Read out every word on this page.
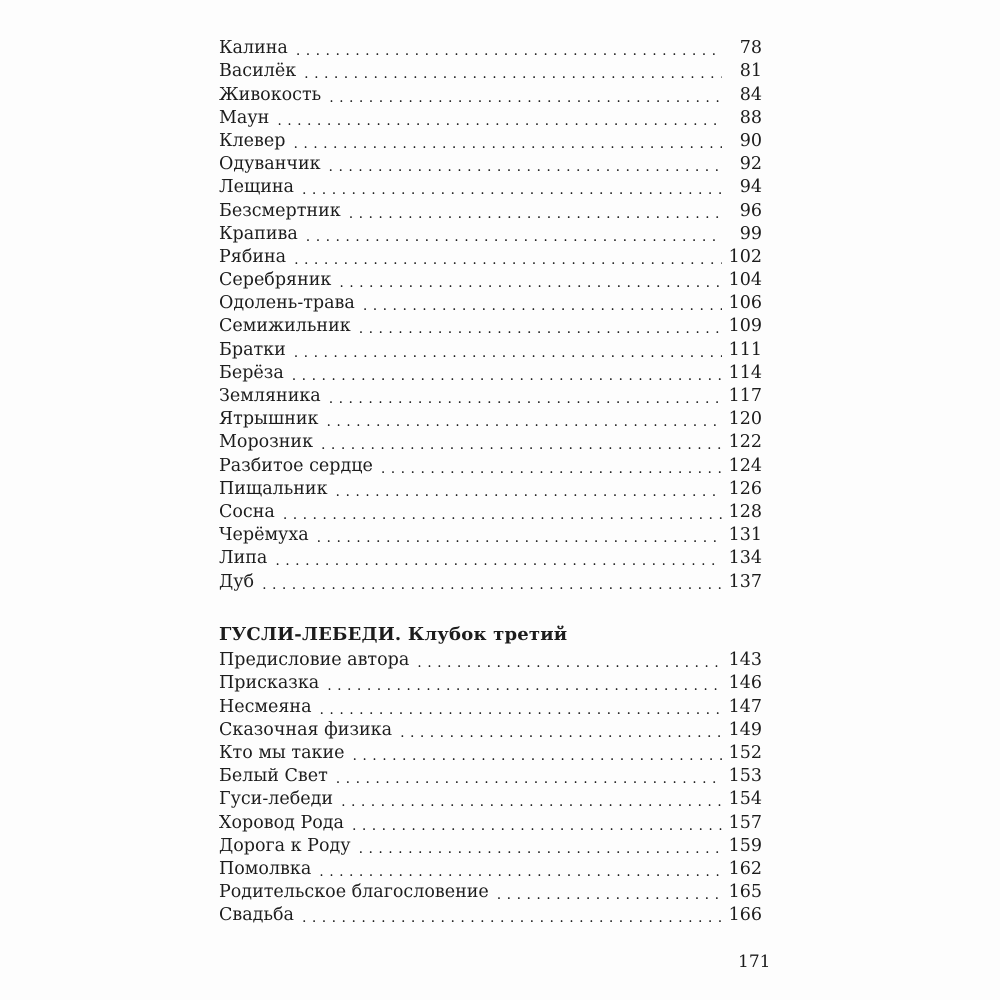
Калина . . .	78
Василёк . . .	81
Живокость . . .	84
Маун . . .	88
Клевер . . .	90
Одуванчик . . .	92
Лещина . . .	94
Безсмертник . . .	96
Крапива . . .	99
Рябина . . .	102
Серебряник . . .	104
Одолень-трава . . .	106
Семижильник . . .	109
Братки . . .	111
Берёза . . .	114
Земляника . . .	117
Ятрышник . . .	120
Морозник . . .	122
Разбитое сердце . . .	124
Пищальник . . .	126
Сосна . . .	128
Черёмуха . . .	131
Липа . . .	134
Дуб . . .	137
ГУСЛИ-ЛЕБЕДИ. Клубок третий
Предисловие автора . . .	143
Присказка . . .	146
Несмеяна . . .	147
Сказочная физика . . .	149
Кто мы такие . . .	152
Белый Свет . . .	153
Гуси-лебеди . . .	154
Хоровод Рода . . .	157
Дорога к Роду . . .	159
Помолвка . . .	162
Родительское благословение . . .	165
Свадьба . . .	166
171
